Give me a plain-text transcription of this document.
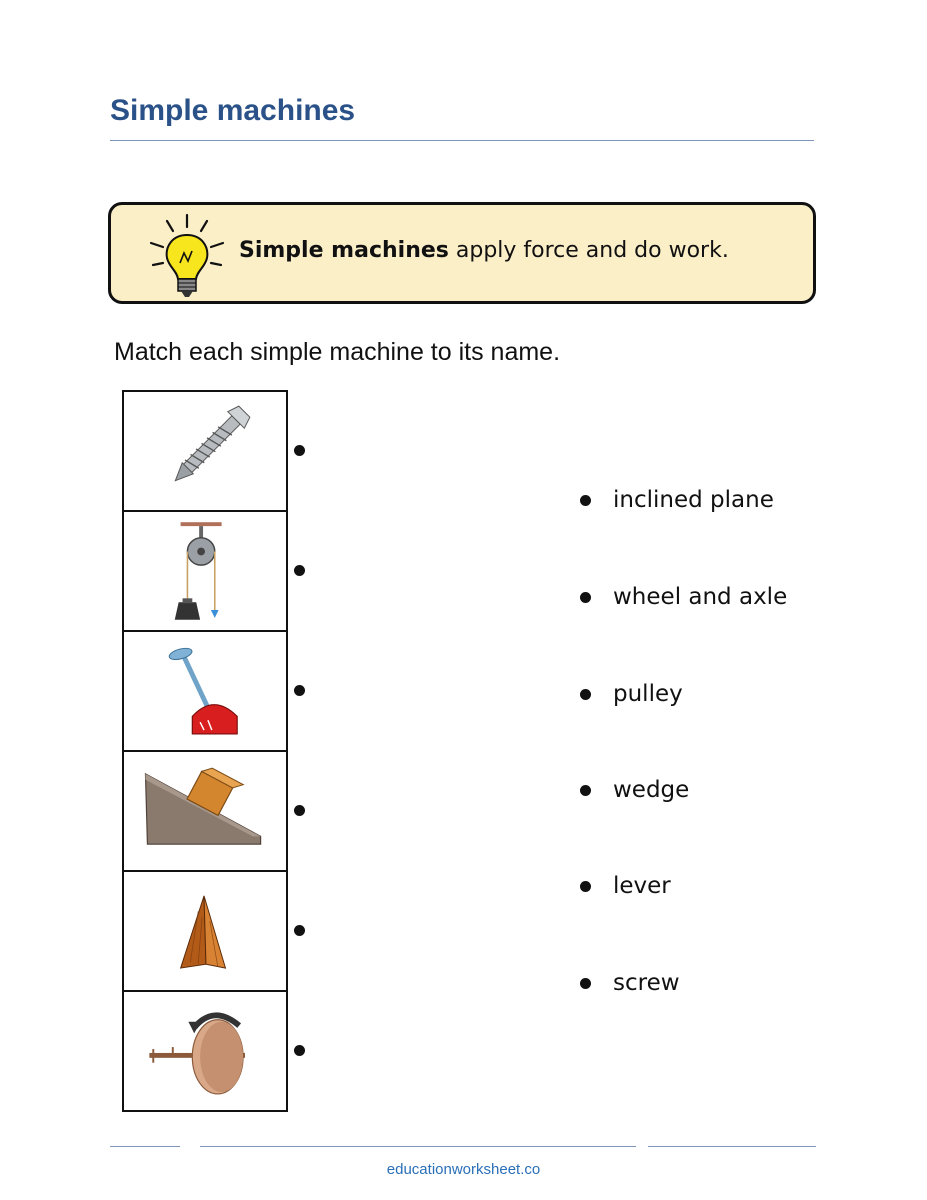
Simple machines
Simple machines apply force and do work.
Match each simple machine to its name.
inclined plane
wheel and axle
pulley
wedge
lever
screw
educationworksheet.co
